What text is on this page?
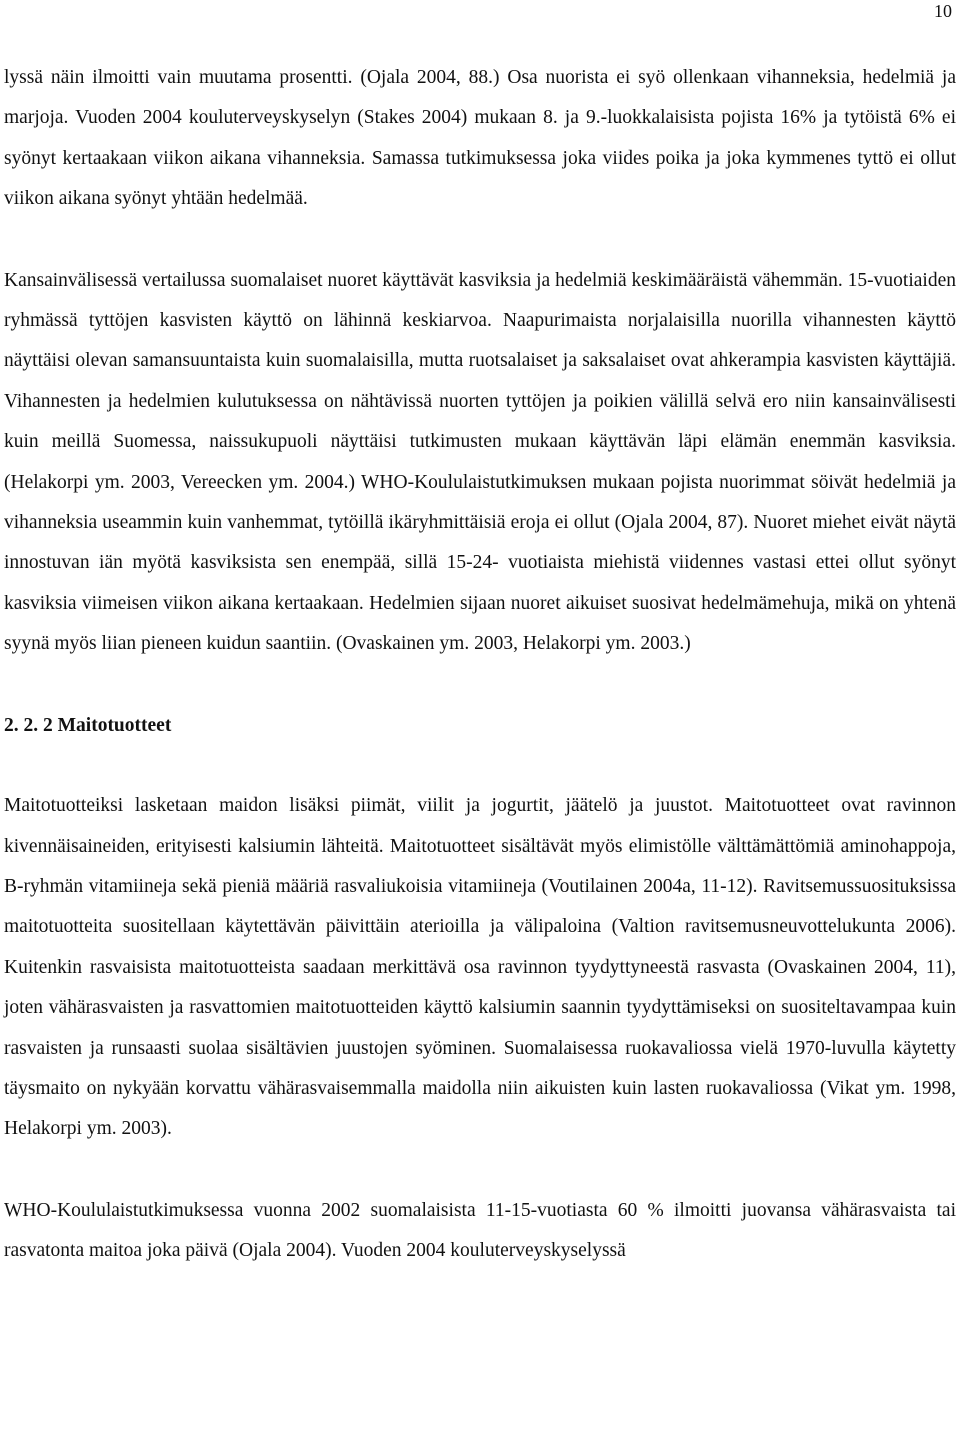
10

lyssä näin ilmoitti vain muutama prosentti. (Ojala 2004, 88.) Osa nuorista ei syö ollenkaan vihanneksia, hedelmiä ja marjoja. Vuoden 2004 kouluterveyskyselyn (Stakes 2004) mukaan 8. ja 9.-luokkalaisista pojista 16% ja tytöistä 6% ei syönyt kertaakaan viikon aikana vihanneksia. Samassa tutkimuksessa joka viides poika ja joka kymmenes tyttö ei ollut viikon aikana syönyt yhtään hedelmää.

Kansainvälisessä vertailussa suomalaiset nuoret käyttävät kasviksia ja hedelmiä keskimääräistä vähemmän. 15-vuotiaiden ryhmässä tyttöjen kasvisten käyttö on lähinnä keskiarvoa. Naapurimaista norjalaisilla nuorilla vihannesten käyttö näyttäisi olevan samansuuntaista kuin suomalaisilla, mutta ruotsalaiset ja saksalaiset ovat ahkerampia kasvisten käyttäjiä. Vihannesten ja hedelmien kulutuksessa on nähtävissä nuorten tyttöjen ja poikien välillä selvä ero niin kansainvälisesti kuin meillä Suomessa, naissukupuoli näyttäisi tutkimusten mukaan käyttävän läpi elämän enemmän kasviksia. (Helakorpi ym. 2003, Vereecken ym. 2004.) WHO-Koululaistutkimuksen mukaan pojista nuorimmat söivät hedelmiä ja vihanneksia useammin kuin vanhemmat, tytöillä ikäryhmittäisiä eroja ei ollut (Ojala 2004, 87). Nuoret miehet eivät näytä innostuvan iän myötä kasviksista sen enempää, sillä 15-24- vuotiaista miehistä viidennes vastasi ettei ollut syönyt kasviksia viimeisen viikon aikana kertaakaan. Hedelmien sijaan nuoret aikuiset suosivat hedelmämehuja, mikä on yhtenä syynä myös liian pieneen kuidun saantiin. (Ovaskainen ym. 2003, Helakorpi ym. 2003.)

2. 2. 2 Maitotuotteet

Maitotuotteiksi lasketaan maidon lisäksi piimät, viilit ja jogurtit, jäätelö ja juustot. Maitotuotteet ovat ravinnon kivennäisaineiden, erityisesti kalsiumin lähteitä. Maitotuotteet sisältävät myös elimistölle välttämättömiä aminohappoja, B-ryhmän vitamiineja sekä pieniä määriä rasvaliukoisia vitamiineja (Voutilainen 2004a, 11-12). Ravitsemussuosituksissa maitotuotteita suositellaan käytettävän päivittäin aterioilla ja välipaloina (Valtion ravitsemusneuvottelukunta 2006). Kuitenkin rasvaisista maitotuotteista saadaan merkittävä osa ravinnon tyydyttyneestä rasvasta (Ovaskainen 2004, 11), joten vähärasvaisten ja rasvattomien maitotuotteiden käyttö kalsiumin saannin tyydyttämiseksi on suositeltavampaa kuin rasvaisten ja runsaasti suolaa sisältävien juustojen syöminen. Suomalaisessa ruokavaliossa vielä 1970-luvulla käytetty täysmaito on nykyään korvattu vähärasvaisemmalla maidolla niin aikuisten kuin lasten ruokavaliossa (Vikat ym. 1998, Helakorpi ym. 2003).

WHO-Koululaistutkimuksessa vuonna 2002 suomalaisista 11-15-vuotiasta 60 % ilmoitti juovansa vähärasvaista tai rasvatonta maitoa joka päivä (Ojala 2004). Vuoden 2004 kouluterveyskyselyssä
